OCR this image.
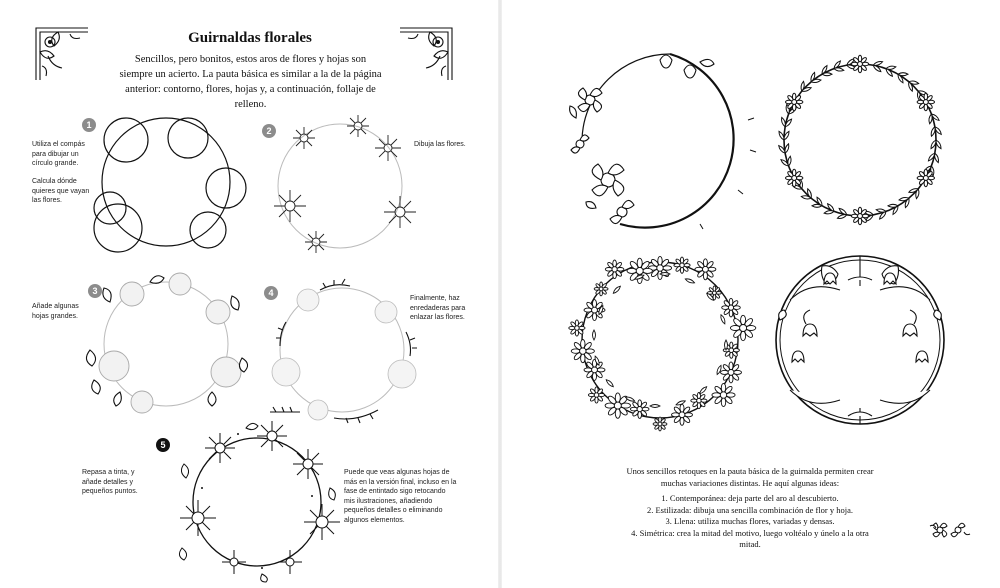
Guirnaldas florales
Sencillos, pero bonitos, estos aros de flores y hojas son siempre un acierto. La pauta básica es similar a la de la página anterior: contorno, flores, hojas y, a continuación, follaje de relleno.
1
Utiliza el compás para dibujar un círculo grande.
Calcula dónde quieres que vayan las flores.
2
Dibuja las flores.
3
Añade algunas hojas grandes.
4
Finalmente, haz enredaderas para enlazar las flores.
5
Repasa a tinta, y añade detalles y pequeños puntos.
Puede que veas algunas hojas de más en la versión final, incluso en la fase de entintado sigo retocando mis ilustraciones, añadiendo pequeños detalles o eliminando algunos elementos.
Unos sencillos retoques en la pauta básica de la guirnalda permiten crear muchas variaciones distintas. He aquí algunas ideas:
1. Contemporánea: deja parte del aro al descubierto.
2. Estilizada: dibuja una sencilla combinación de flor y hoja.
3. Llena: utiliza muchas flores, variadas y densas.
4. Simétrica: crea la mitad del motivo, luego voltéalo y únelo a la otra mitad.
